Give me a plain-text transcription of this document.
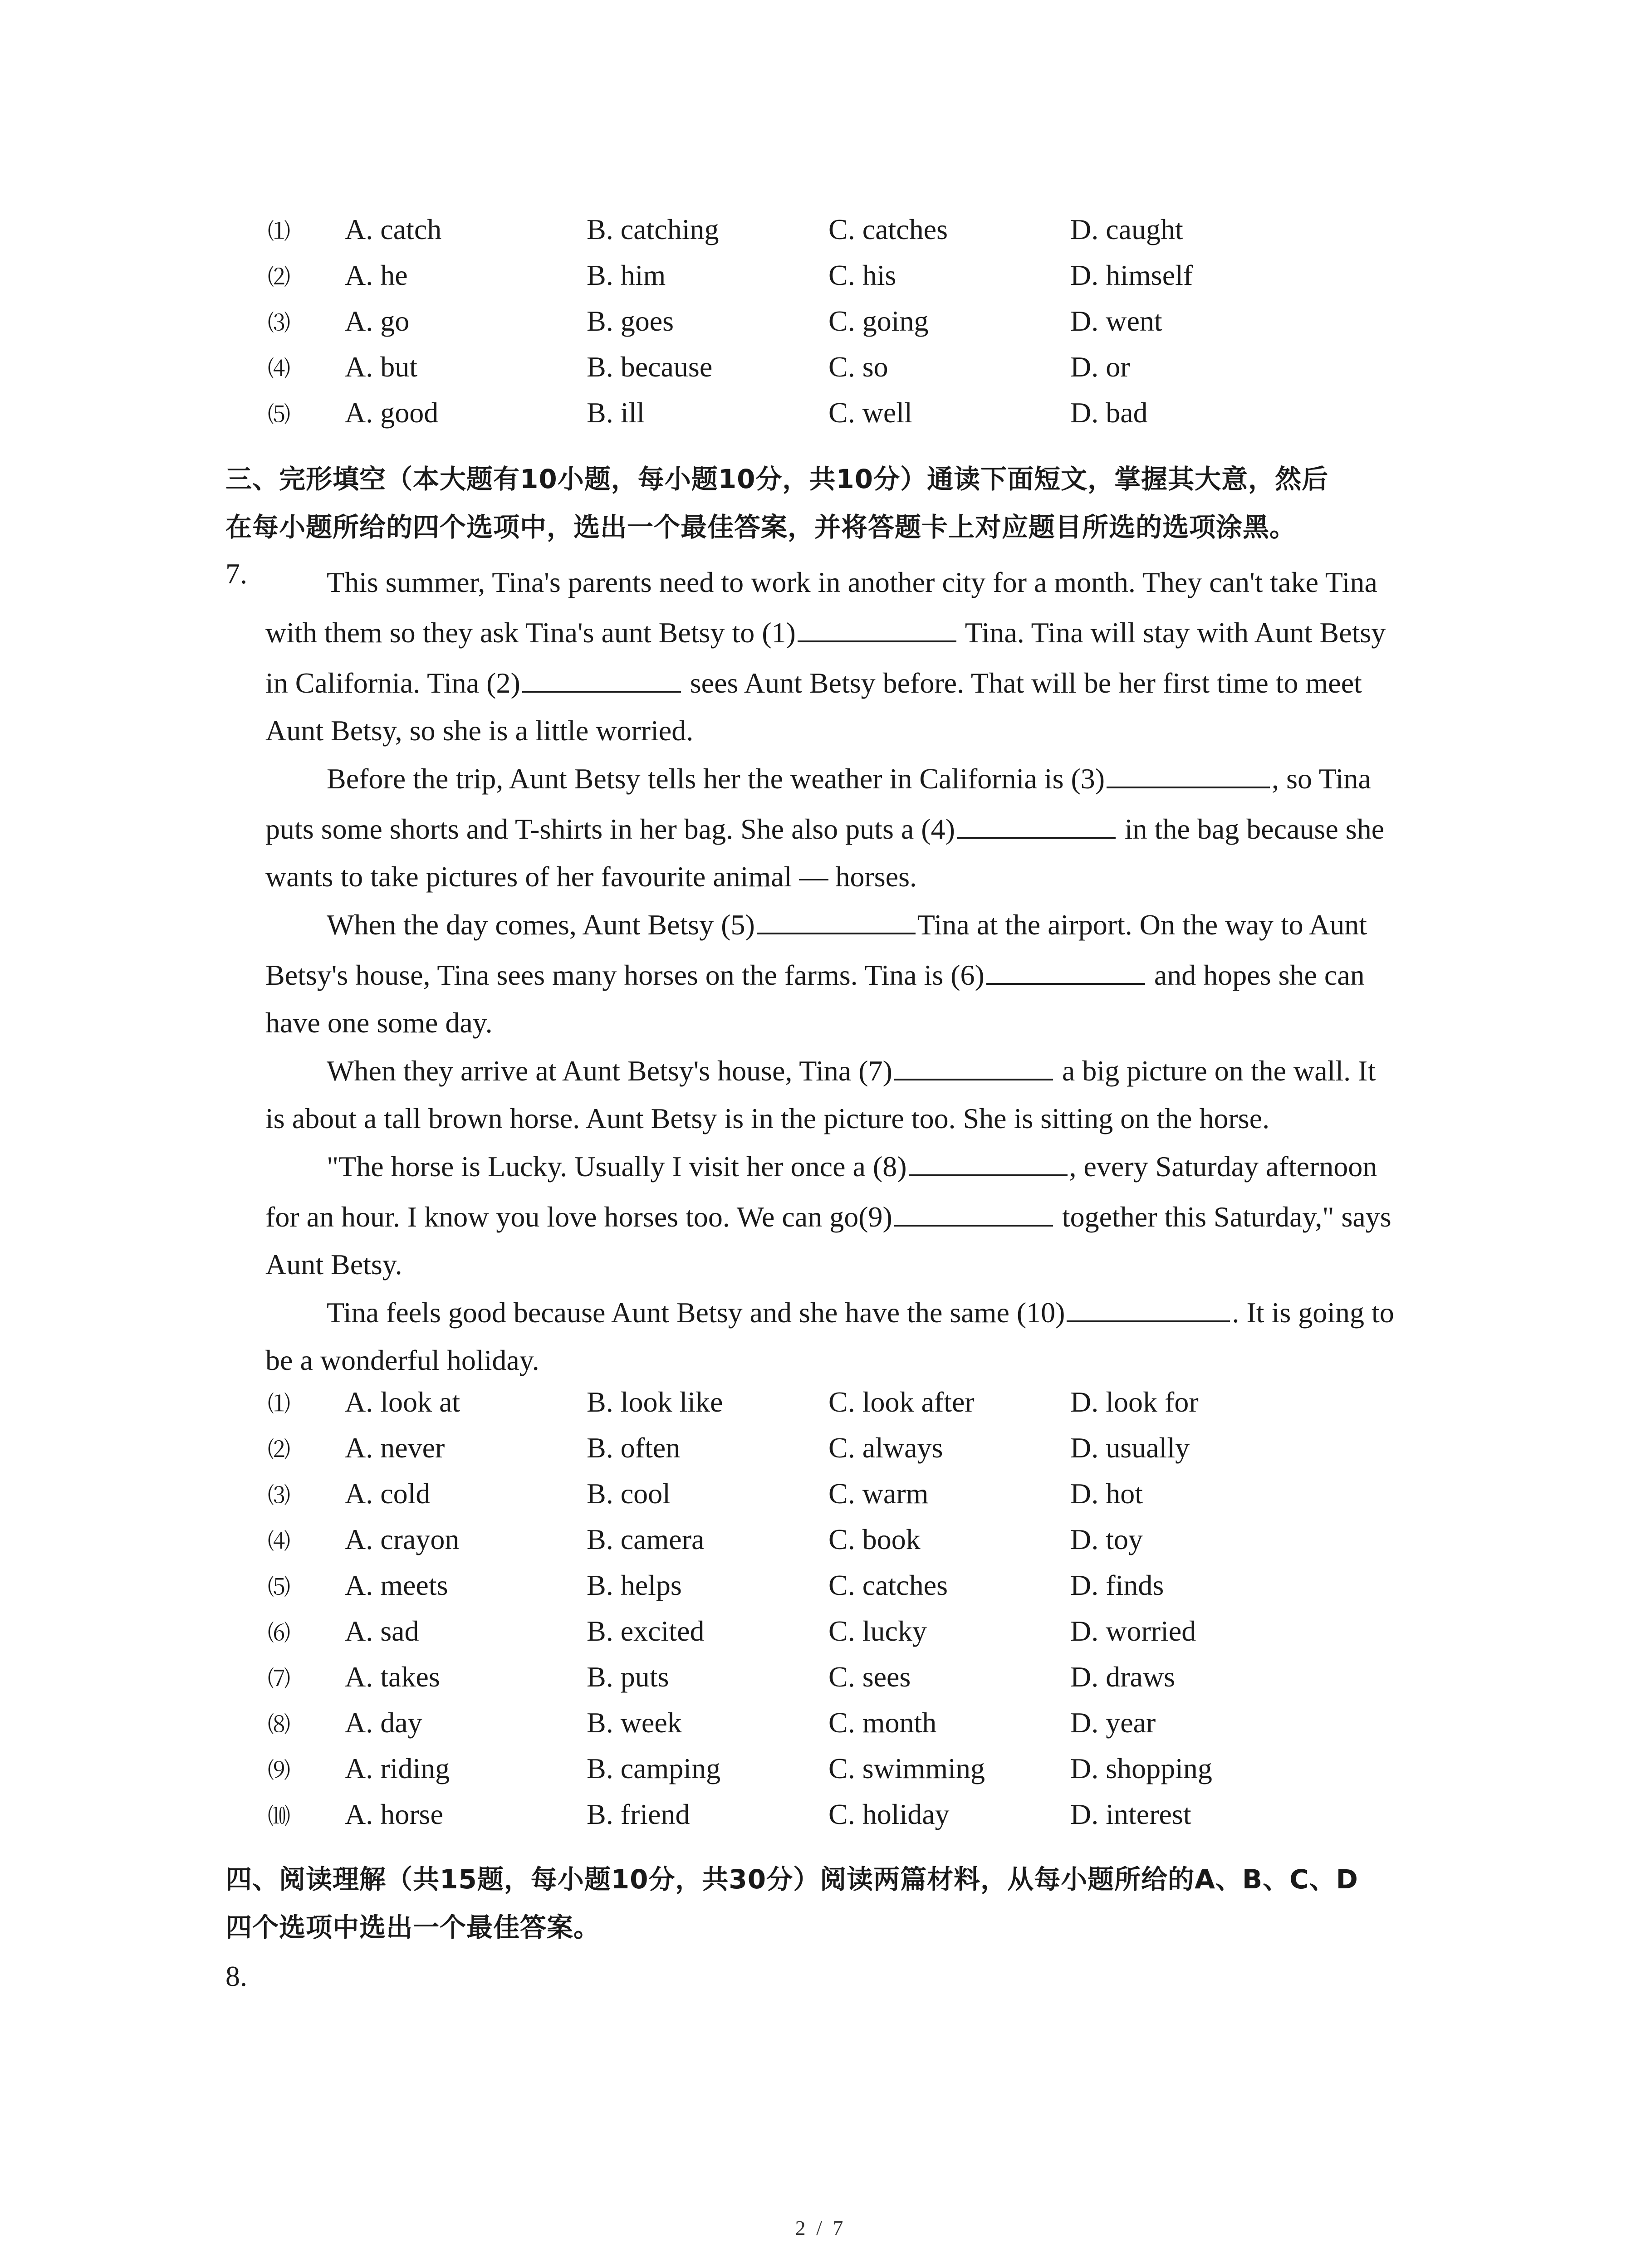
⑴	A. catch	B. catching	C. catches	D. caught
⑵	A. he	B. him	C. his	D. himself
⑶	A. go	B. goes	C. going	D. went
⑷	A. but	B. because	C. so	D. or
⑸	A. good	B. ill	C. well	D. bad
三、完形填空（本大题有10小题，每小题10分，共10分）通读下面短文，掌握其大意，然后
在每小题所给的四个选项中，选出一个最佳答案，并将答题卡上对应题目所选的选项涂黑。
7.	This summer, Tina's parents need to work in another city for a month. They can't take Tina
with them so they ask Tina's aunt Betsy to (1)	Tina. Tina will stay with Aunt Betsy
in California. Tina (2)	sees Aunt Betsy before. That will be her first time to meet
Aunt Betsy, so she is a little worried.
Before the trip, Aunt Betsy tells her the weather in California is (3)	, so Tina
puts some shorts and T-shirts in her bag. She also puts a (4)	in the bag because she
wants to take pictures of her favourite animal — horses.
When the day comes, Aunt Betsy (5)	Tina at the airport. On the way to Aunt
Betsy's house, Tina sees many horses on the farms. Tina is (6)	and hopes she can
have one some day.
When they arrive at Aunt Betsy's house, Tina (7)	a big picture on the wall. It
is about a tall brown horse. Aunt Betsy is in the picture too. She is sitting on the horse.
"The horse is Lucky. Usually I visit her once a (8)	, every Saturday afternoon
for an hour. I know you love horses too. We can go(9)	together this Saturday," says
Aunt Betsy.
Tina feels good because Aunt Betsy and she have the same (10)	. It is going to
be a wonderful holiday.
⑴	A. look at	B. look like	C. look after	D. look for
⑵	A. never	B. often	C. always	D. usually
⑶	A. cold	B. cool	C. warm	D. hot
⑷	A. crayon	B. camera	C. book	D. toy
⑸	A. meets	B. helps	C. catches	D. finds
⑹	A. sad	B. excited	C. lucky	D. worried
⑺	A. takes	B. puts	C. sees	D. draws
⑻	A. day	B. week	C. month	D. year
⑼	A. riding	B. camping	C. swimming	D. shopping
⑽	A. horse	B. friend	C. holiday	D. interest
四、阅读理解（共15题，每小题10分，共30分）阅读两篇材料，从每小题所给的A、B、C、D
四个选项中选出一个最佳答案。
8.
2 / 7
